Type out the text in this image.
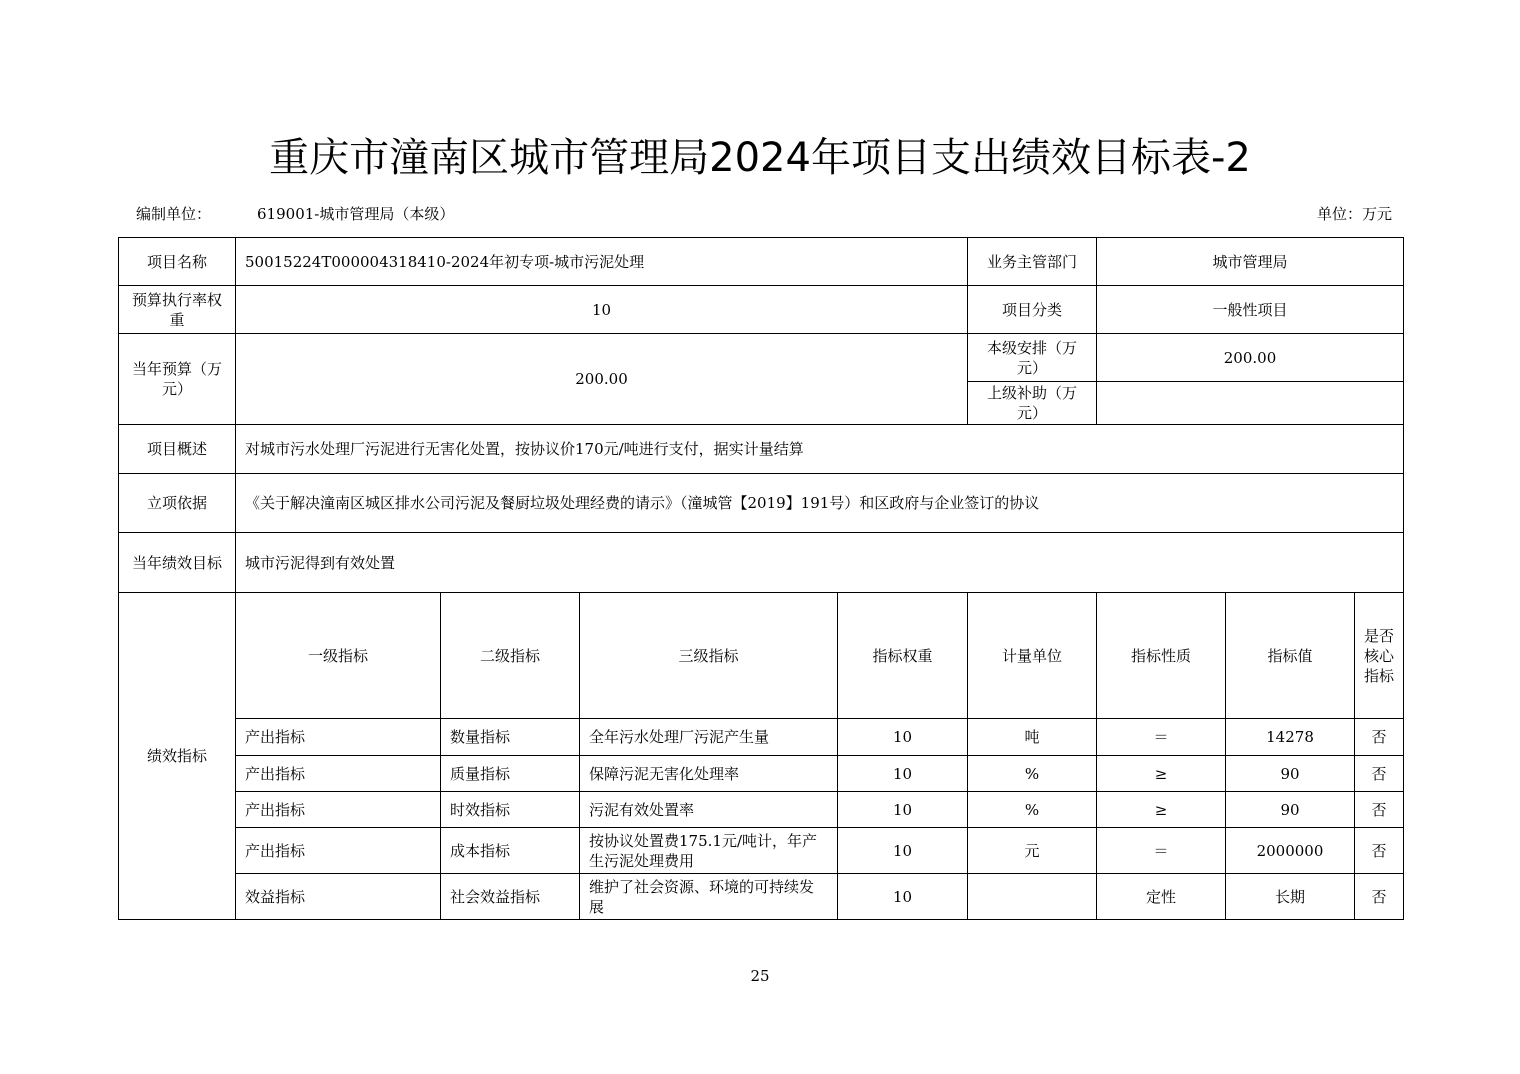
重庆市潼南区城市管理局2024年项目支出绩效目标表-2
编制单位：	619001-城市管理局（本级）	单位：万元
项目名称	50015224T000004318410-2024年初专项-城市污泥处理				业务主管部门	城市管理局		
预算执行率权重	10				项目分类	一般性项目		
当年预算（万元）	200.00				本级安排（万元）	200.00		
					上级补助（万元）			
项目概述	对城市污水处理厂污泥进行无害化处置，按协议价170元/吨进行支付，据实计量结算							
立项依据	《关于解决潼南区城区排水公司污泥及餐厨垃圾处理经费的请示》（潼城管【2019】191号）和区政府与企业签订的协议							
当年绩效目标	城市污泥得到有效处置							
绩效指标	一级指标	二级指标	三级指标	指标权重	计量单位	指标性质	指标值	是否核心指标
	产出指标	数量指标	全年污水处理厂污泥产生量	10	吨	＝	14278	否
	产出指标	质量指标	保障污泥无害化处理率	10	%	≥	90	否
	产出指标	时效指标	污泥有效处置率	10	%	≥	90	否
	产出指标	成本指标	按协议处置费175.1元/吨计，年产生污泥处理费用	10	元	＝	2000000	否
	效益指标	社会效益指标	维护了社会资源、环境的可持续发展	10		定性	长期	否
25
